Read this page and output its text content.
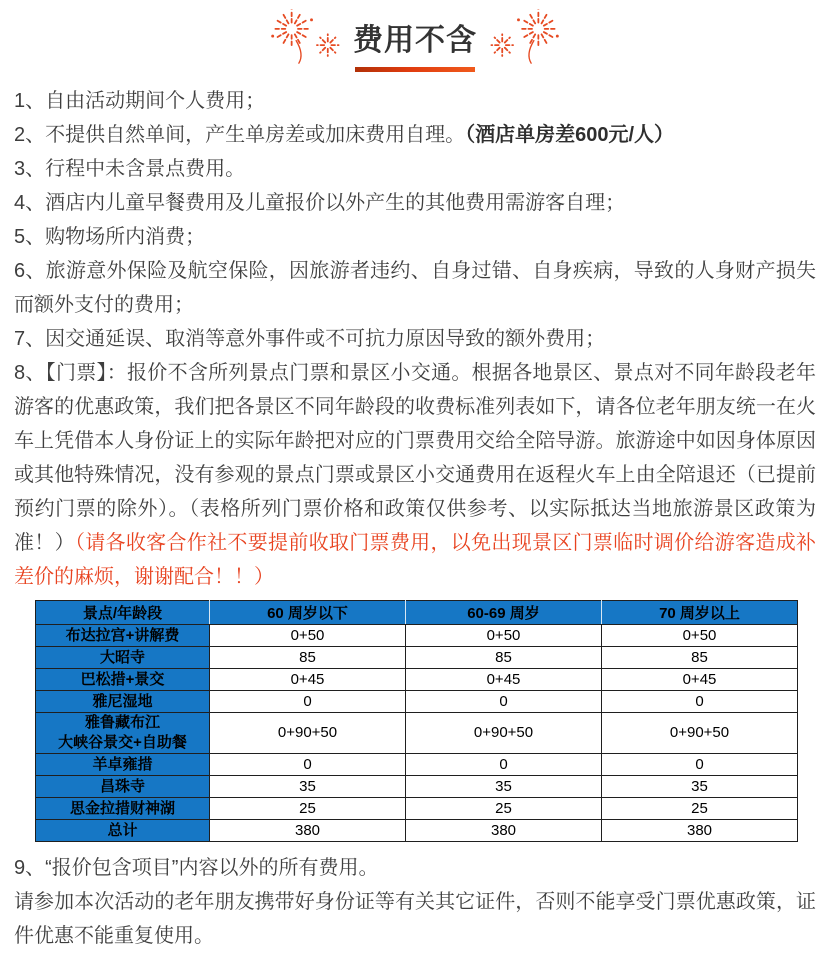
费用不含

1、自由活动期间个人费用；

2、不提供自然单间，产生单房差或加床费用自理。（酒店单房差600元/人）

3、行程中未含景点费用。

4、酒店内儿童早餐费用及儿童报价以外产生的其他费用需游客自理；

5、购物场所内消费；

6、旅游意外保险及航空保险，因旅游者违约、自身过错、自身疾病，导致的人身财产损失而额外支付的费用；

7、因交通延误、取消等意外事件或不可抗力原因导致的额外费用；

8、【门票】：报价不含所列景点门票和景区小交通。根据各地景区、景点对不同年龄段老年游客的优惠政策，我们把各景区不同年龄段的收费标准列表如下，请各位老年朋友统一在火车上凭借本人身份证上的实际年龄把对应的门票费用交给全陪导游。旅游途中如因身体原因或其他特殊情况，没有参观的景点门票或景区小交通费用在返程火车上由全陪退还（已提前预约门票的除外）。（表格所列门票价格和政策仅供参考、以实际抵达当地旅游景区政策为准！）（请各收客合作社不要提前收取门票费用，以免出现景区门票临时调价给游客造成补差价的麻烦，谢谢配合！！）

景点/年龄段	60 周岁以下	60-69 周岁	70 周岁以上
布达拉宫+讲解费	0+50	0+50	0+50
大昭寺	85	85	85
巴松措+景交	0+45	0+45	0+45
雅尼湿地	0	0	0

雅鲁藏布江
大峡谷景交+自助餐	0+90+50	0+90+50	0+90+50
羊卓雍措	0	0	0
昌珠寺	35	35	35
思金拉措财神湖	25	25	25
总计	380	380	380

9、“报价包含项目”内容以外的所有费用。

请参加本次活动的老年朋友携带好身份证等有关其它证件，否则不能享受门票优惠政策，证件优惠不能重复使用。
